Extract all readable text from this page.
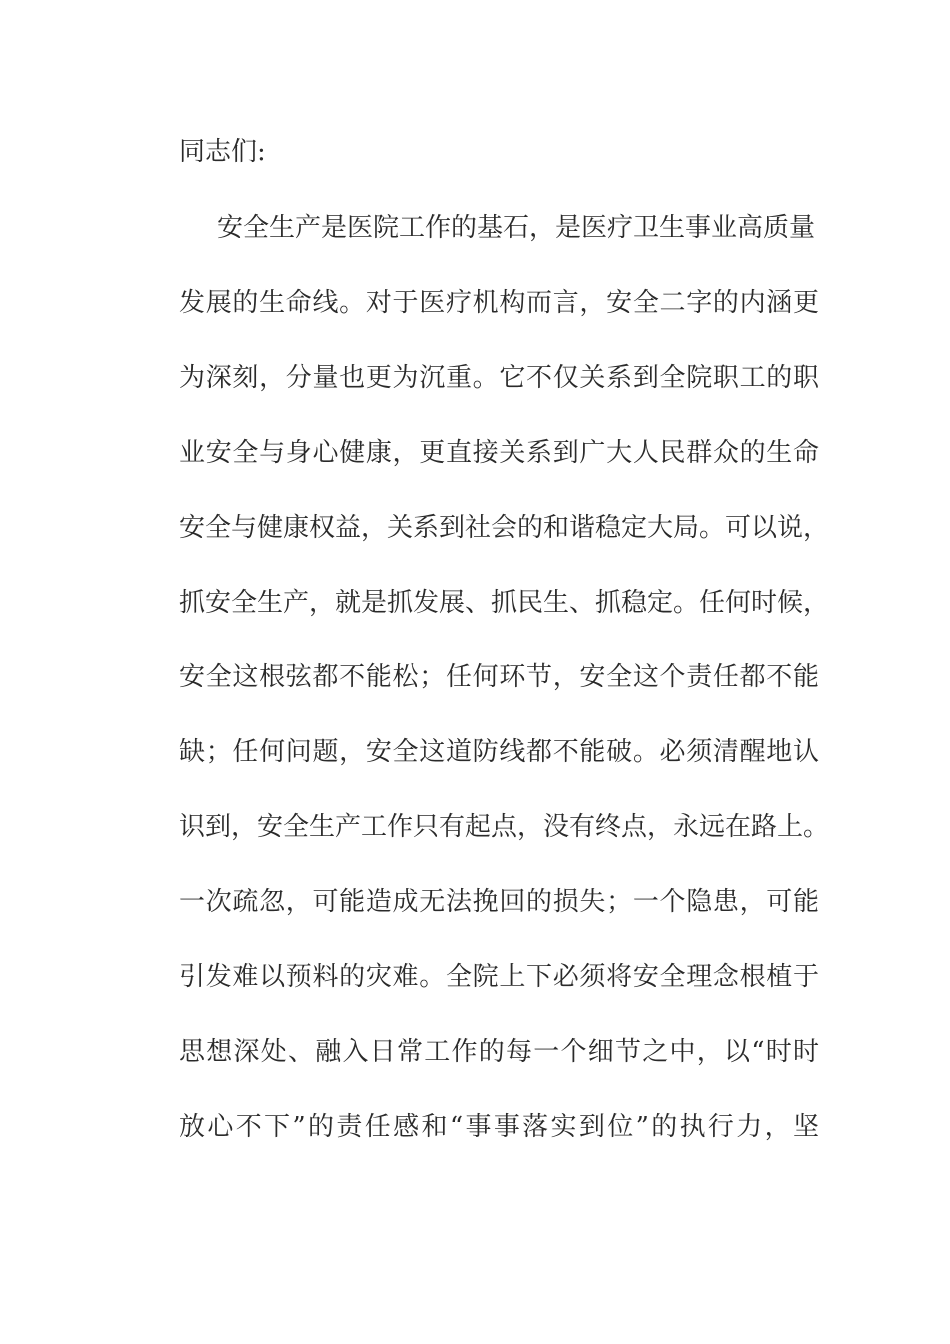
同志们:
安全生产是医院工作的基石，是医疗卫生事业高质量
发展的生命线。对于医疗机构而言，安全二字的内涵更
为深刻，分量也更为沉重。它不仅关系到全院职工的职
业安全与身心健康，更直接关系到广大人民群众的生命
安全与健康权益，关系到社会的和谐稳定大局。可以说，
抓安全生产，就是抓发展、抓民生、抓稳定。任何时候，
安全这根弦都不能松；任何环节，安全这个责任都不能
缺；任何问题，安全这道防线都不能破。必须清醒地认
识到，安全生产工作只有起点，没有终点，永远在路上。
一次疏忽，可能造成无法挽回的损失；一个隐患，可能
引发难以预料的灾难。全院上下必须将安全理念根植于
思想深处、融入日常工作的每一个细节之中，以“时时
放心不下”的责任感和“事事落实到位”的执行力，坚
